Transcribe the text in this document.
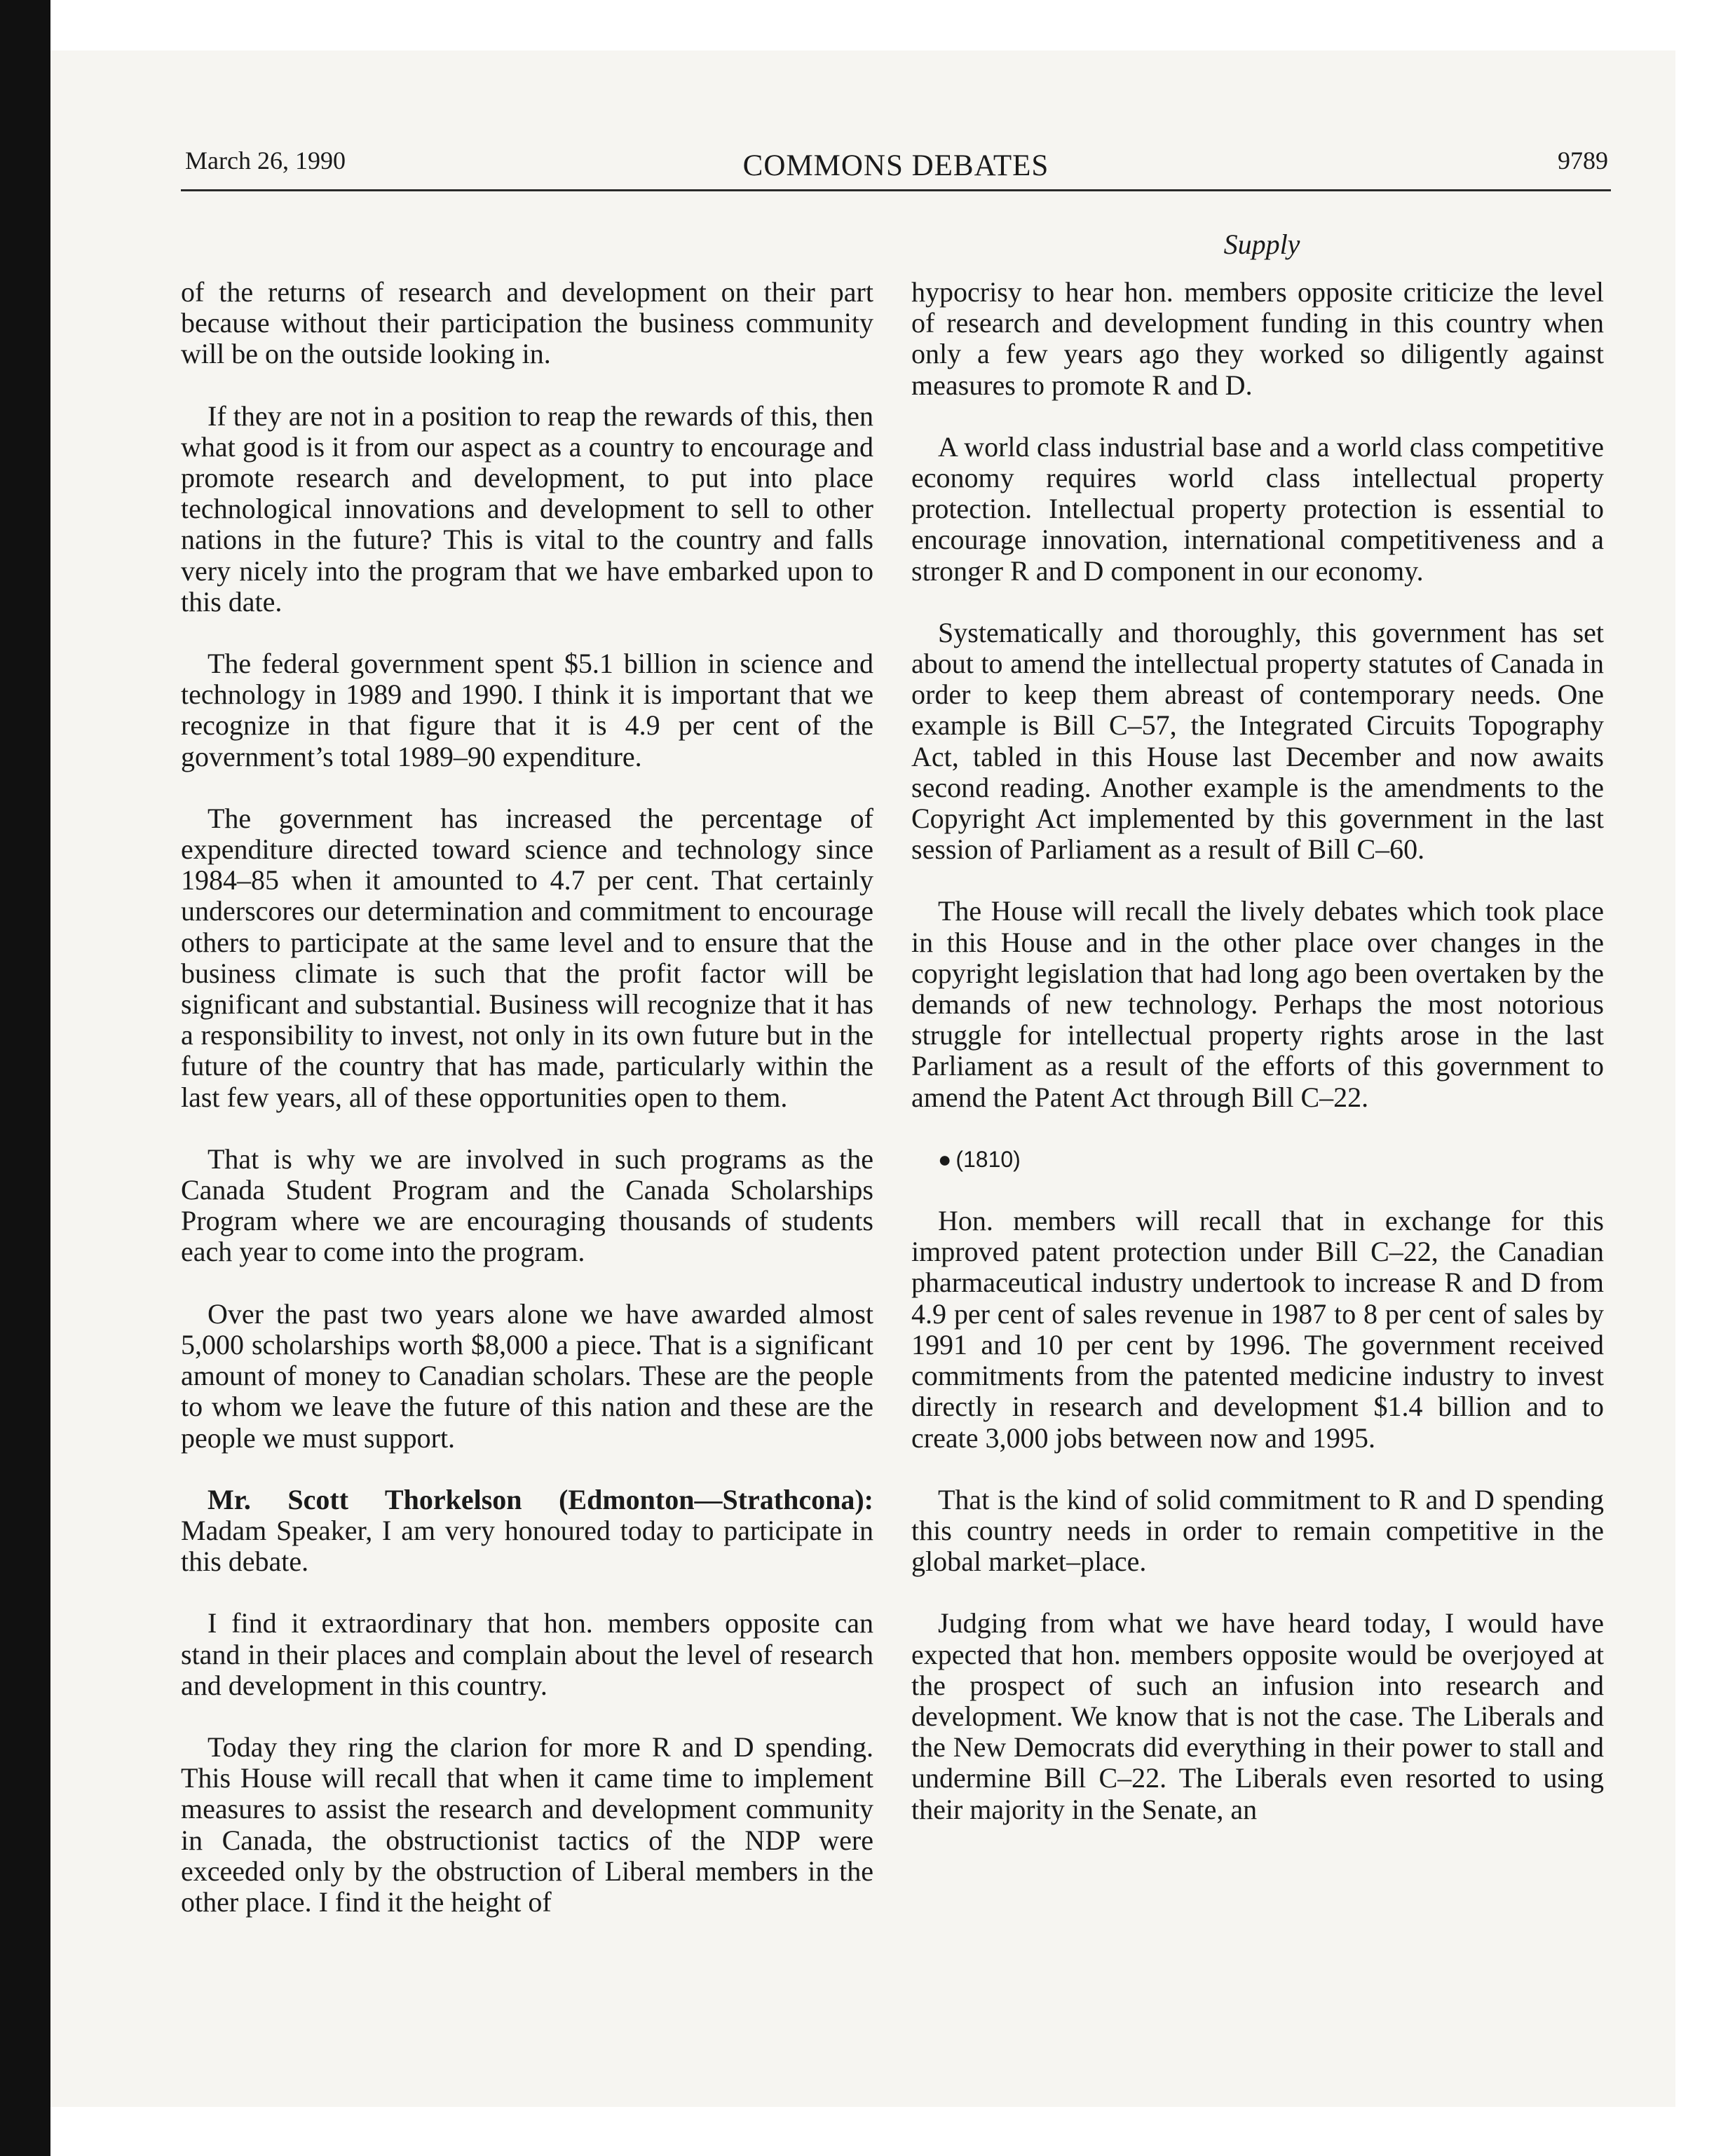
March 26, 1990	COMMONS DEBATES	9789
Supply

of the returns of research and development on their part because without their participation the business community will be on the outside looking in.

If they are not in a position to reap the rewards of this, then what good is it from our aspect as a country to encourage and promote research and development, to put into place technological innovations and development to sell to other nations in the future? This is vital to the country and falls very nicely into the program that we have embarked upon to this date.

The federal government spent $5.1 billion in science and technology in 1989 and 1990. I think it is important that we recognize in that figure that it is 4.9 per cent of the government’s total 1989–90 expenditure.

The government has increased the percentage of expenditure directed toward science and technology since 1984–85 when it amounted to 4.7 per cent. That certainly underscores our determination and commitment to encourage others to participate at the same level and to ensure that the business climate is such that the profit factor will be significant and substantial. Business will recognize that it has a responsibility to invest, not only in its own future but in the future of the country that has made, particularly within the last few years, all of these opportunities open to them.

That is why we are involved in such programs as the Canada Student Program and the Canada Scholarships Program where we are encouraging thousands of students each year to come into the program.

Over the past two years alone we have awarded almost 5,000 scholarships worth $8,000 a piece. That is a significant amount of money to Canadian scholars. These are the people to whom we leave the future of this nation and these are the people we must support.

Mr. Scott Thorkelson (Edmonton—Strathcona): Madam Speaker, I am very honoured today to participate in this debate.

I find it extraordinary that hon. members opposite can stand in their places and complain about the level of research and development in this country.

Today they ring the clarion for more R and D spending. This House will recall that when it came time to implement measures to assist the research and development community in Canada, the obstructionist tactics of the NDP were exceeded only by the obstruction of Liberal members in the other place. I find it the height of

hypocrisy to hear hon. members opposite criticize the level of research and development funding in this country when only a few years ago they worked so diligently against measures to promote R and D.

A world class industrial base and a world class competitive economy requires world class intellectual property protection. Intellectual property protection is essential to encourage innovation, international competitiveness and a stronger R and D component in our economy.

Systematically and thoroughly, this government has set about to amend the intellectual property statutes of Canada in order to keep them abreast of contemporary needs. One example is Bill C–57, the Integrated Circuits Topography Act, tabled in this House last December and now awaits second reading. Another example is the amendments to the Copyright Act implemented by this government in the last session of Parliament as a result of Bill C–60.

The House will recall the lively debates which took place in this House and in the other place over changes in the copyright legislation that had long ago been overtaken by the demands of new technology. Perhaps the most notorious struggle for intellectual property rights arose in the last Parliament as a result of the efforts of this government to amend the Patent Act through Bill C–22.

● (1810)

Hon. members will recall that in exchange for this improved patent protection under Bill C–22, the Canadian pharmaceutical industry undertook to increase R and D from 4.9 per cent of sales revenue in 1987 to 8 per cent of sales by 1991 and 10 per cent by 1996. The government received commitments from the patented medicine industry to invest directly in research and development $1.4 billion and to create 3,000 jobs between now and 1995.

That is the kind of solid commitment to R and D spending this country needs in order to remain competitive in the global market–place.

Judging from what we have heard today, I would have expected that hon. members opposite would be overjoyed at the prospect of such an infusion into research and development. We know that is not the case. The Liberals and the New Democrats did everything in their power to stall and undermine Bill C–22. The Liberals even resorted to using their majority in the Senate, an
